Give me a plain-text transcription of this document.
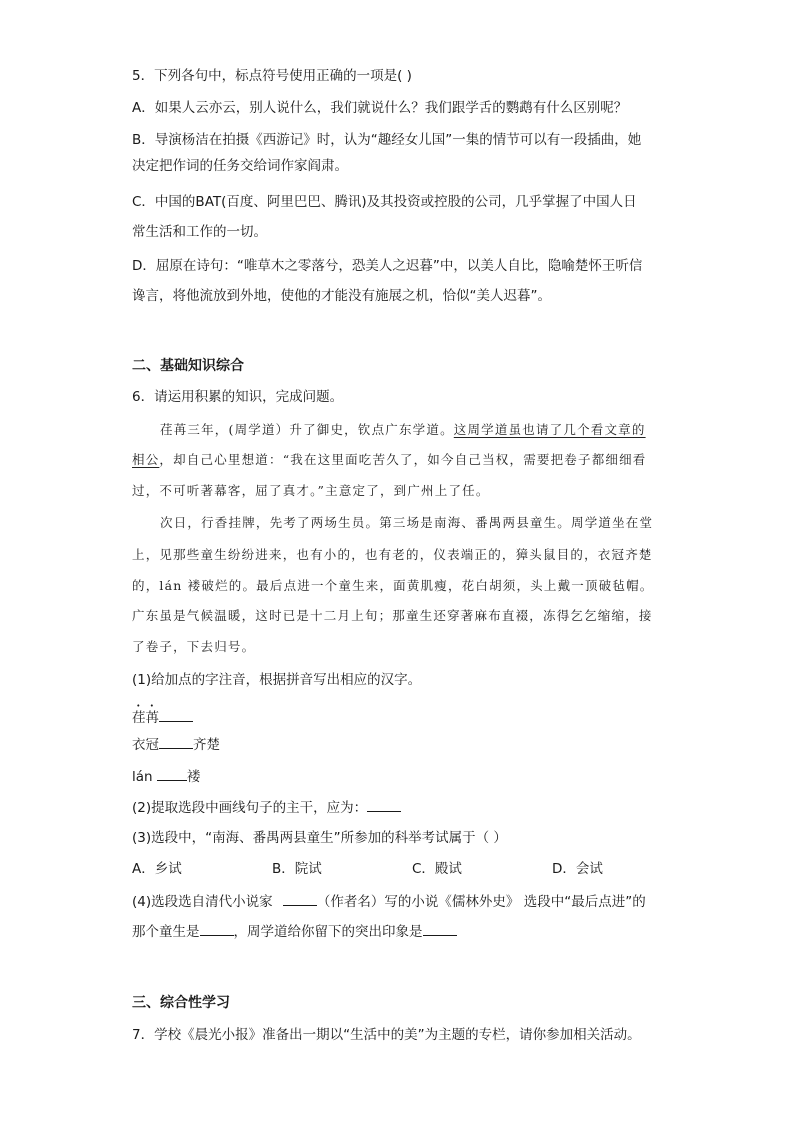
5．下列各句中，标点符号使用正确的一项是( )
A．如果人云亦云，别人说什么，我们就说什么？我们跟学舌的鹦鹉有什么区别呢？
B．导演杨洁在拍摄《西游记》时，认为“趣经女儿国”一集的情节可以有一段插曲，她
决定把作词的任务交给词作家阎肃。
C．中国的BAT(百度、阿里巴巴、腾讯)及其投资或控股的公司，几乎掌握了中国人日
常生活和工作的一切。
D．屈原在诗句：“唯草木之零落兮，恐美人之迟暮”中，以美人自比，隐喻楚怀王听信
谗言，将他流放到外地，使他的才能没有施展之机，恰似“美人迟暮”。
二、基础知识综合
6．请运用积累的知识，完成问题。
荏苒三年，(周学道）升了御史，钦点广东学道。这周学道虽也请了几个看文章的
相公，却自己心里想道：“我在这里面吃苦久了，如今自己当权，需要把卷子都细细看
过，不可听著幕客，屈了真才。”主意定了，到广州上了任。
次日，行香挂牌，先考了两场生员。第三场是南海、番禺两县童生。周学道坐在堂
上，见那些童生纷纷进来，也有小的，也有老的，仪表端正的，獐头鼠目的，衣冠齐楚
的，lán 褛破烂的。最后点进一个童生来，面黄肌瘦，花白胡须，头上戴一顶破毡帽。
广东虽是气候温暖，这时已是十二月上旬；那童生还穿著麻布直裰，冻得乞乞缩缩，接
了卷子，下去归号。
(1)给加点的字注音，根据拼音写出相应的汉字。
荏苒
衣冠	齐楚
lán 褛
(2)提取选段中画线句子的主干，应为：
(3)选段中，“南海、番禺两县童生”所参加的科举考试属于（ ）
A．乡试	B．院试	C．殿试	D．会试
(4)选段选自清代小说家	（作者名）写的小说《儒林外史》 选段中“最后点进”的
那个童生是	，周学道给你留下的突出印象是
三、综合性学习
7．学校《晨光小报》准备出一期以“生活中的美”为主题的专栏，请你参加相关活动。
